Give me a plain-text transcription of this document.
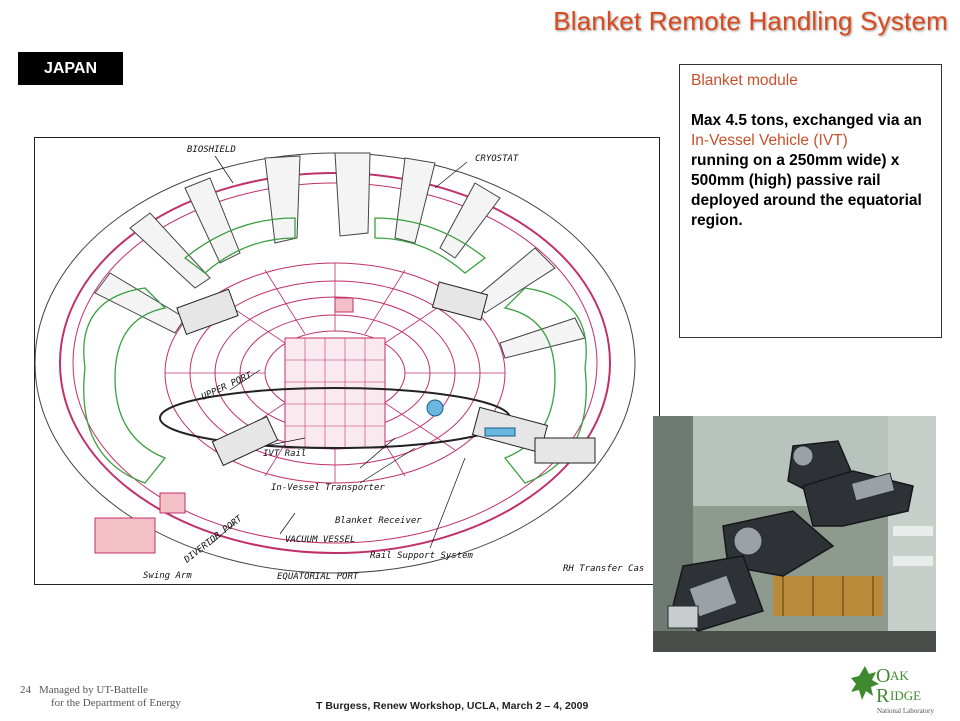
Blanket Remote Handling System
JAPAN
Blanket module
Max 4.5 tons, exchanged via an
In-Vessel Vehicle (IVT)
running on a 250mm wide) x 500mm (high) passive rail deployed around the equatorial region.
BIOSHIELD
CRYOSTAT
UPPER PORT
IVT Rail
In-Vessel Transporter
Blanket Receiver
VACUUM VESSEL
DIVERTOR PORT	Rail Support System
RH Transfer Cas
Swing Arm	EQUATORIAL PORT
24 Managed by UT-Battelle
for the Department of Energy	T Burgess, Renew Workshop, UCLA, March 2 – 4, 2009
O AK
R IDGE
National Laboratory
